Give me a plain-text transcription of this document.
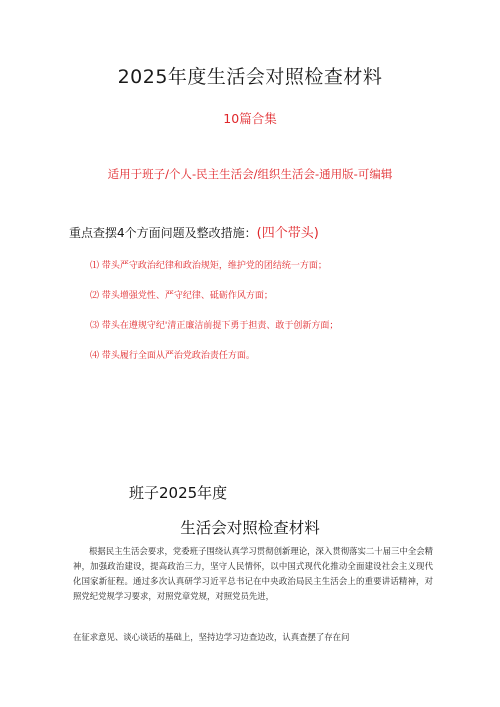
2025年度生活会对照检查材料
10篇合集
适用于班子/个人-民主生活会/组织生活会-通用版-可编辑
重点查摆4个方面问题及整改措施：(四个带头)
⑴ 带头严守政治纪律和政治规矩，维护党的团结统一方面；
⑵ 带头增强党性、严守纪律、砥砺作风方面；
⑶ 带头在遵规守纪'清正廉洁前提下勇于担责、敢于创新方面；
⑷ 带头履行全面从严治党政治责任方面。
班子2025年度
生活会对照检查材料
根据民主生活会要求，党委班子围绕认真学习贯彻创新理论，深入贯彻落实二十届三中全会精神，加强政治建设，提高政治三力，坚守人民情怀，以中国式现代化推动全面建设社会主义现代化国家新征程。通过多次认真研学习近平总书记在中央政治局民主生活会上的重要讲话精神，对照党纪党规学习要求，对照党章党规，对照党员先进，
在征求意见、谈心谈话的基础上，坚持边学习边查边改，认真查摆了存在问
